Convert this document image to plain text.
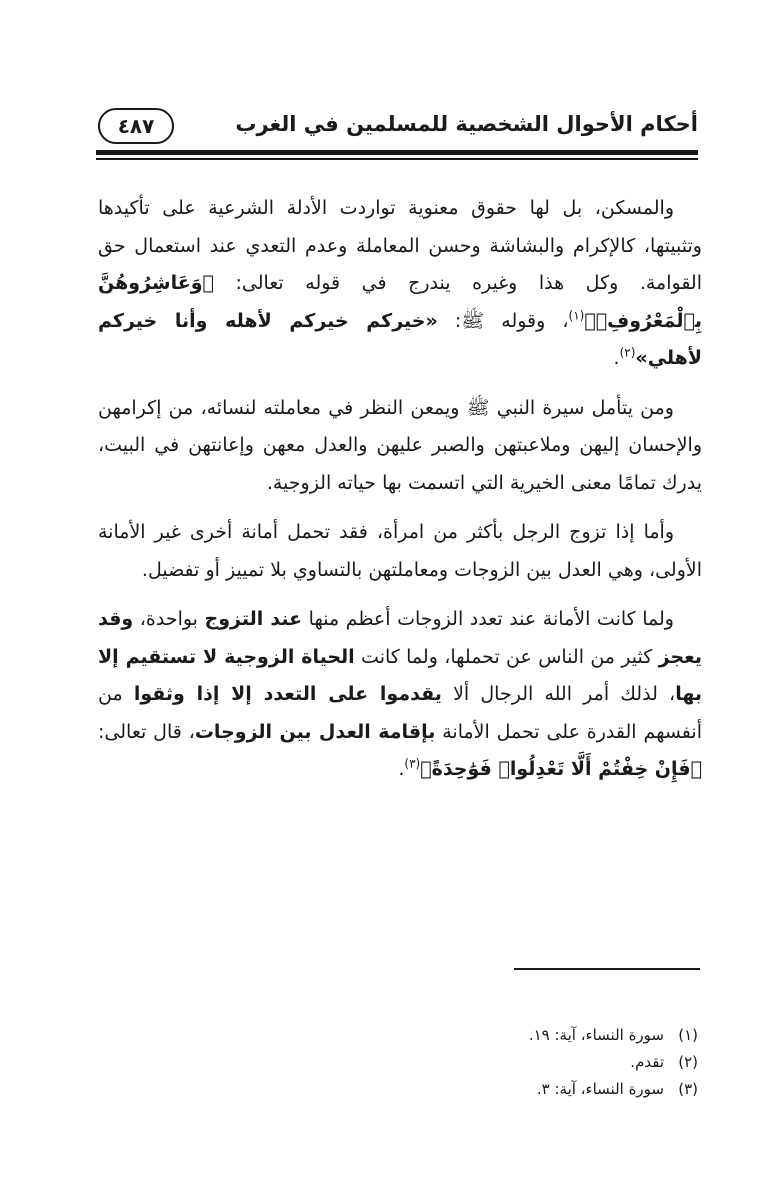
أحكام الأحوال الشخصية للمسلمين في الغرب
٤٨٧

والمسكن، بل لها حقوق معنوية تواردت الأدلة الشرعية على تأكيدها وتثبيتها، كالإكرام والبشاشة وحسن المعاملة وعدم التعدي عند استعمال حق القوامة. وكل هذا وغيره يندرج في قوله تعالى: ﴿وَعَاشِرُوهُنَّ بِٱلْمَعْرُوفِۚ﴾$^{(١)}$، وقوله ﷺ: «خيركم خيركم لأهله وأنا خيركم لأهلي»$^{(٢)}$.

ومن يتأمل سيرة النبي ﷺ ويمعن النظر في معاملته لنسائه، من إكرامهن والإحسان إليهن وملاعبتهن والصبر عليهن والعدل معهن وإعانتهن في البيت، يدرك تمامًا معنى الخيرية التي اتسمت بها حياته الزوجية.

وأما إذا تزوج الرجل بأكثر من امرأة، فقد تحمل أمانة أخرى غير الأمانة الأولى، وهي العدل بين الزوجات ومعاملتهن بالتساوي بلا تمييز أو تفضيل.

ولما كانت الأمانة عند تعدد الزوجات أعظم منها عند التزوج بواحدة، وقد يعجز كثير من الناس عن تحملها، ولما كانت الحياة الزوجية لا تستقيم إلا بها، لذلك أمر الله الرجال ألا يقدموا على التعدد إلا إذا وثقوا من أنفسهم القدرة على تحمل الأمانة بإقامة العدل بين الزوجات، قال تعالى: ﴿فَإِنْ خِفْتُمْ أَلَّا تَعْدِلُوا۟ فَوَٰحِدَةً﴾$^{(٣)}$.

(١)سورة النساء، آية: ١٩.
(٢)تقدم.
(٣)سورة النساء، آية: ٣.
